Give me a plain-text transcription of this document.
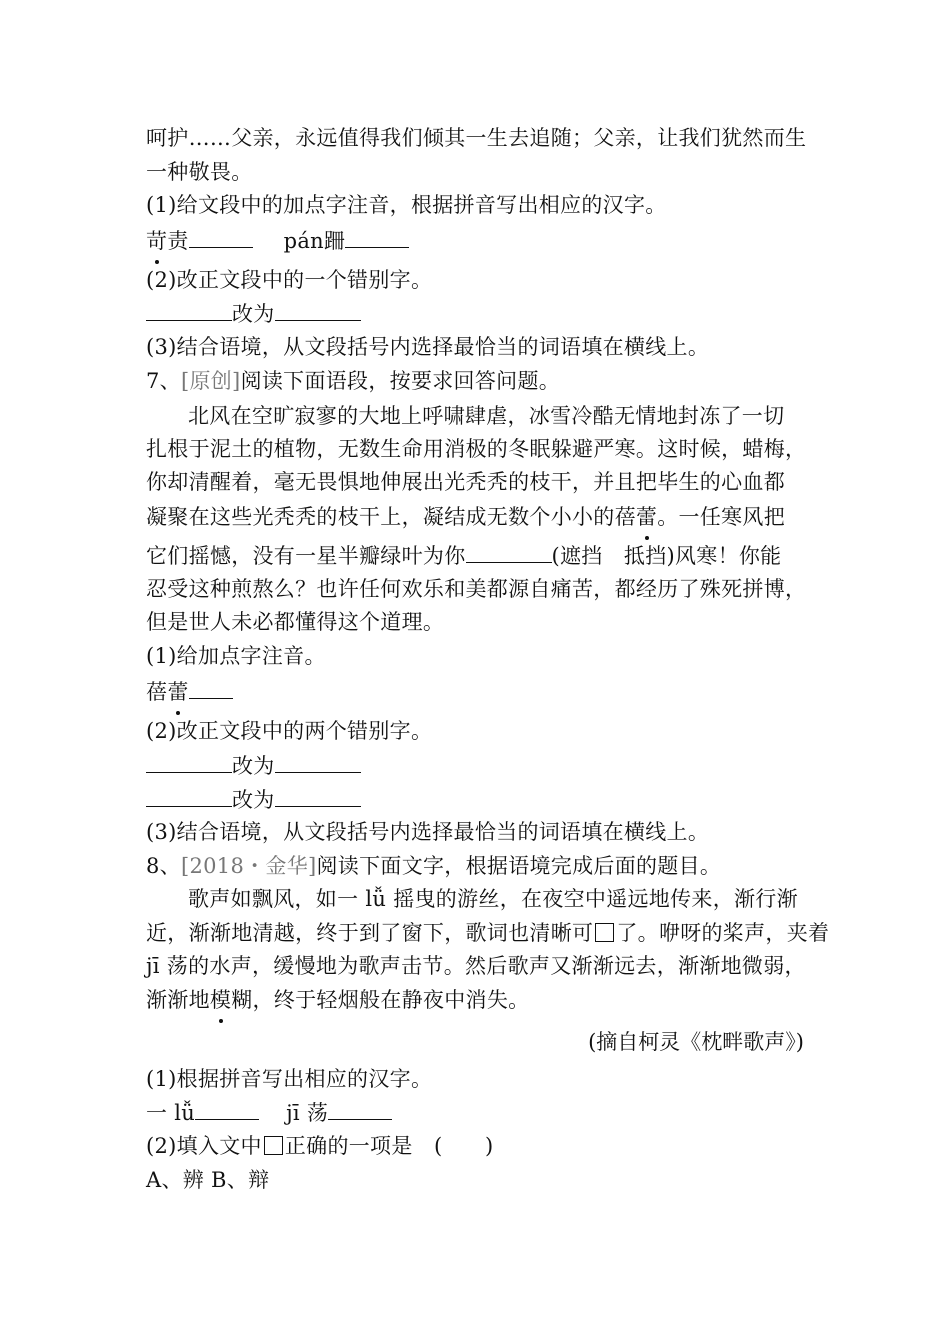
呵护……父亲，永远值得我们倾其一生去追随；父亲，让我们犹然而生
一种敬畏。
(1)给文段中的加点字注音，根据拼音写出相应的汉字。
苛责	pán跚
(2)改正文段中的一个错别字。
改为
(3)结合语境，从文段括号内选择最恰当的词语填在横线上。
7、[原创]阅读下面语段，按要求回答问题。
北风在空旷寂寥的大地上呼啸肆虐，冰雪冷酷无情地封冻了一切
扎根于泥土的植物，无数生命用消极的冬眠躲避严寒。这时候，蜡梅，
你却清醒着，毫无畏惧地伸展出光秃秃的枝干，并且把毕生的心血都
凝聚在这些光秃秃的枝干上，凝结成无数个小小的蓓蕾。一任寒风把
它们摇憾，没有一星半瓣绿叶为你	(遮挡　抵挡)风寒！你能
忍受这种煎熬么？也许任何欢乐和美都源自痛苦，都经历了殊死拼博，
但是世人未必都懂得这个道理。
(1)给加点字注音。
蓓蕾
(2)改正文段中的两个错别字。
改为
改为
(3)结合语境，从文段括号内选择最恰当的词语填在横线上。
8、[2018・金华]阅读下面文字，根据语境完成后面的题目。
歌声如飘风，如一 lǚ 摇曳的游丝，在夜空中遥远地传来，渐行渐
近，渐渐地清越，终于到了窗下，歌词也清晰可 了。咿呀的桨声，夹着
jī 荡的水声，缓慢地为歌声击节。然后歌声又渐渐远去，渐渐地微弱，
渐渐地模糊，终于轻烟般在静夜中消失。
(摘自柯灵《枕畔歌声》)
(1)根据拼音写出相应的汉字。
一 lǚ	jī 荡
(2)填入文中 正确的一项是　(　　)
A、辨 B、辩
